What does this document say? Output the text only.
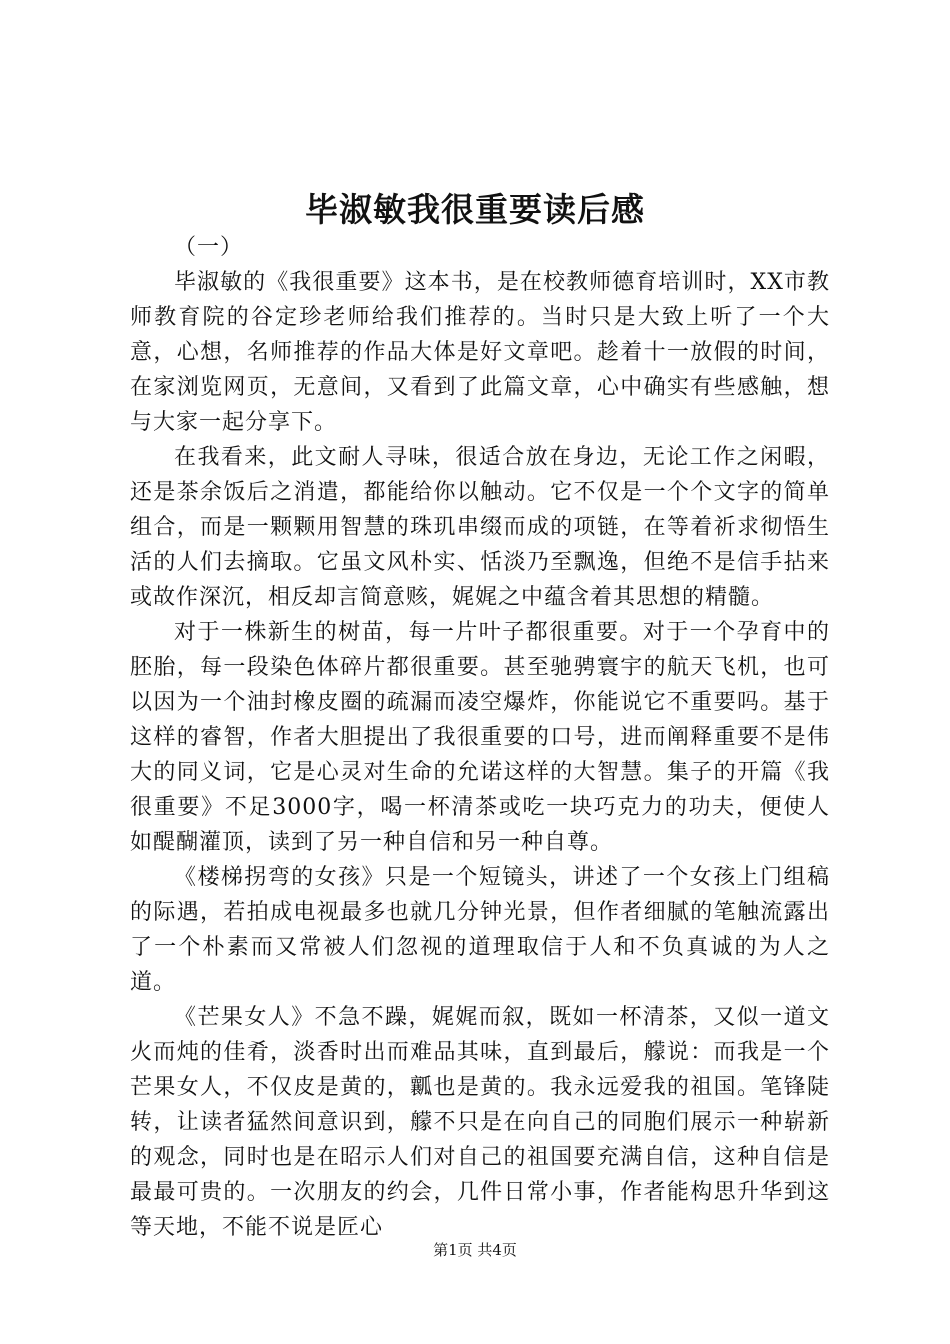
毕淑敏我很重要读后感

（一）

毕淑敏的《我很重要》这本书，是在校教师德育培训时，XX市教师教育院的谷定珍老师给我们推荐的。当时只是大致上听了一个大意，心想，名师推荐的作品大体是好文章吧。趁着十一放假的时间，在家浏览网页，无意间，又看到了此篇文章，心中确实有些感触，想与大家一起分享下。

在我看来，此文耐人寻味，很适合放在身边，无论工作之闲暇，还是茶余饭后之消遣，都能给你以触动。它不仅是一个个文字的简单组合，而是一颗颗用智慧的珠玑串缀而成的项链，在等着祈求彻悟生活的人们去摘取。它虽文风朴实、恬淡乃至飘逸，但绝不是信手拈来或故作深沉，相反却言简意赅，娓娓之中蕴含着其思想的精髓。

对于一株新生的树苗，每一片叶子都很重要。对于一个孕育中的胚胎，每一段染色体碎片都很重要。甚至驰骋寰宇的航天飞机，也可以因为一个油封橡皮圈的疏漏而凌空爆炸，你能说它不重要吗。基于这样的睿智，作者大胆提出了我很重要的口号，进而阐释重要不是伟大的同义词，它是心灵对生命的允诺这样的大智慧。集子的开篇《我很重要》不足3000字，喝一杯清茶或吃一块巧克力的功夫，便使人如醍醐灌顶，读到了另一种自信和另一种自尊。

《楼梯拐弯的女孩》只是一个短镜头，讲述了一个女孩上门组稿的际遇，若拍成电视最多也就几分钟光景，但作者细腻的笔触流露出了一个朴素而又常被人们忽视的道理取信于人和不负真诚的为人之道。

《芒果女人》不急不躁，娓娓而叙，既如一杯清茶，又似一道文火而炖的佳肴，淡香时出而难品其味，直到最后，艨说：而我是一个芒果女人，不仅皮是黄的，瓤也是黄的。我永远爱我的祖国。笔锋陡转，让读者猛然间意识到，艨不只是在向自己的同胞们展示一种崭新的观念，同时也是在昭示人们对自己的祖国要充满自信，这种自信是最最可贵的。一次朋友的约会，几件日常小事，作者能构思升华到这等天地，不能不说是匠心

第1页 共4页
